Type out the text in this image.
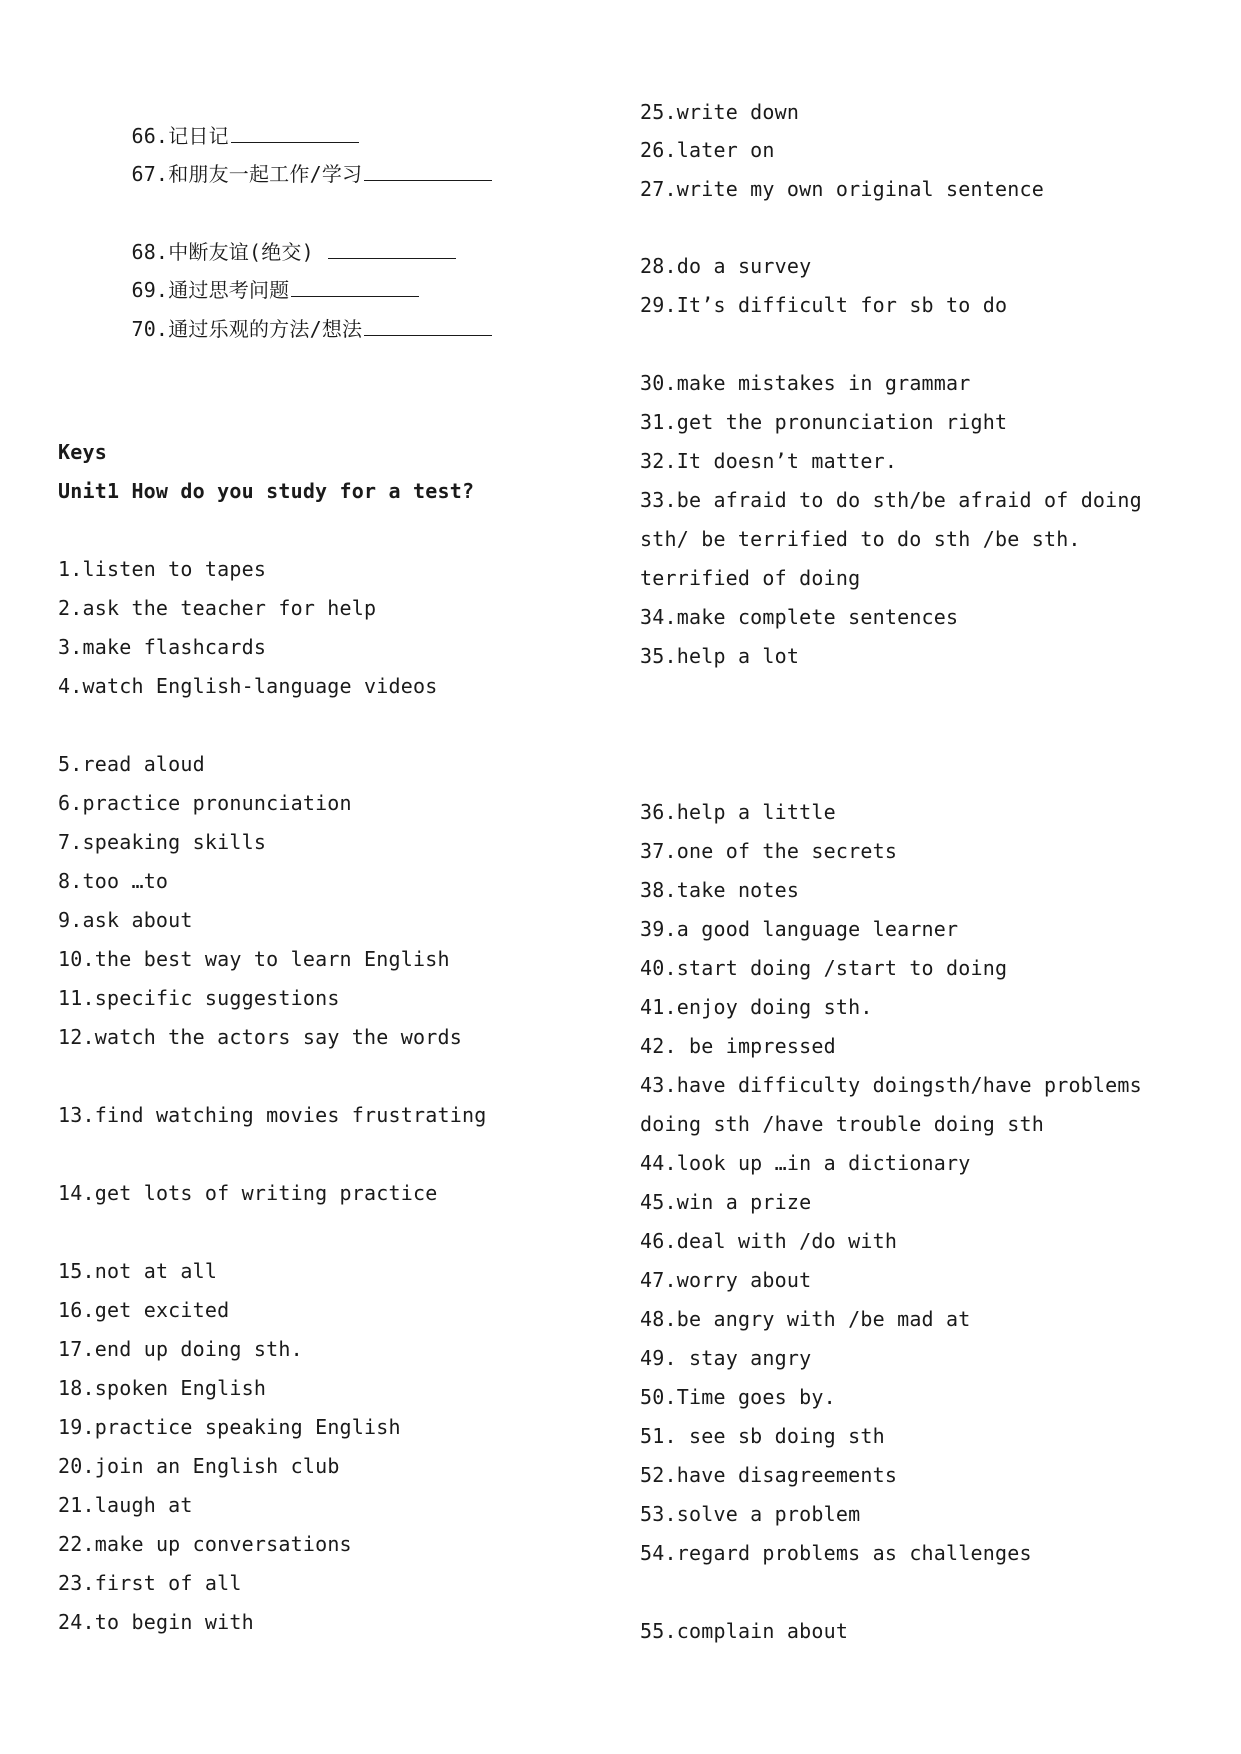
66.记日记

67.和朋友一起工作/学习

68.中断友谊(绝交)

69.通过思考问题

70.通过乐观的方法/想法

Keys
Unit1 How do you study for a test?
1.listen to tapes
2.ask the teacher for help
3.make flashcards
4.watch English-language videos
5.read aloud
6.practice pronunciation
7.speaking skills
8.too …to
9.ask about
10.the best way to learn English
11.specific suggestions
12.watch the actors say the words
13.find watching movies frustrating
14.get lots of writing practice
15.not at all
16.get excited
17.end up doing sth.
18.spoken English
19.practice speaking English
20.join an English club
21.laugh at
22.make up conversations
23.first of all
24.to begin with
25.write down
26.later on
27.write my own original sentence
28.do a survey
29.It’s difficult for sb to do
30.make mistakes in grammar
31.get the pronunciation right
32.It doesn’t matter.
33.be afraid to do sth/be afraid of doing sth/ be terrified to do sth /be sth. terrified of doing
34.make complete sentences
35.help a lot
36.help a little
37.one of the secrets
38.take notes
39.a good language learner
40.start doing /start to doing
41.enjoy doing sth.
42. be impressed
43.have difficulty doingsth/have problems doing sth /have trouble doing sth
44.look up …in a dictionary
45.win a prize
46.deal with /do with
47.worry about
48.be angry with /be mad at
49. stay angry
50.Time goes by.
51. see sb doing sth
52.have disagreements
53.solve a problem
54.regard problems as challenges
55.complain about
